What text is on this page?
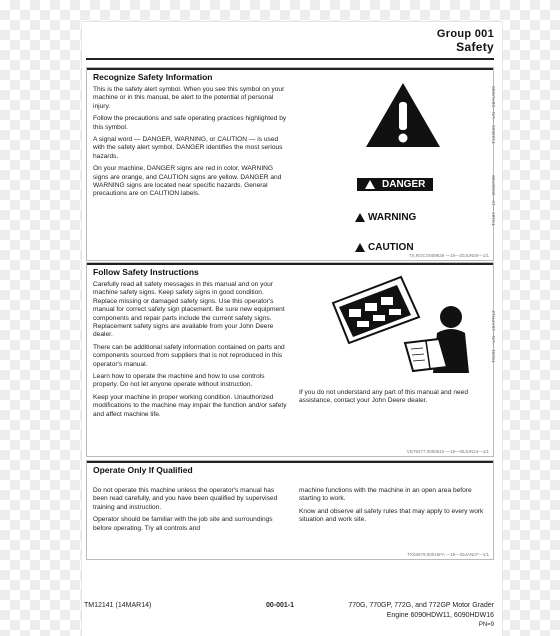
Group 001
Safety
Recognize Safety Information

This is the safety alert symbol. When you see this symbol on your machine or in this manual, be alert to the potential of personal injury.

Follow the precautions and safe operating practices highlighted by this symbol.

A signal word — DANGER, WARNING, or CAUTION — is used with the safety alert symbol. DANGER identifies the most serious hazards.

On your machine, DANGER signs are red in color, WARNING signs are orange, and CAUTION signs are yellow. DANGER and WARNING signs are located near specific hazards. General precautions are on CAUTION labels.

T133555 —UN—28AUG00
TS187 —19—30SEP88
DANGER
WARNING
CAUTION
TX,ROCO009826 —19—20JUN00—1/1
Follow Safety Instructions

Carefully read all safety messages in this manual and on your machine safety signs. Keep safety signs in good condition. Replace missing or damaged safety signs. Use this operator's manual for correct safety sign placement. Be sure new equipment components and repair parts include the current safety signs. Replacement safety signs are available from your John Deere dealer.

There can be additional safety information contained on parts and components sourced from suppliers that is not reproduced in this operator's manual.

Learn how to operate the machine and how to use controls properly. Do not let anyone operate without instruction.

Keep your machine in proper working condition. Unauthorized modifications to the machine may impair the function and/or safety and affect machine life.

TS201 —UN—15APR13
If you do not understand any part of this manual and need assistance, contact your John Deere dealer.
VD76477,0000510 —19—05JUN13—1/1
Operate Only If Qualified

Do not operate this machine unless the operator's manual has been read carefully, and you have been qualified by supervised training and instruction.

Operator should be familiar with the job site and surroundings before operating. Try all controls and

machine functions with the machine in an open area before starting to work.

Know and observe all safety rules that may apply to every work situation and work site.

TX03679,00016FA —19—25JAN07—1/1
TM12141 (14MAR14)	00-001-1	770G, 770GP, 772G, and 772GP Motor Grader
Engine 6090HDW11, 6090HDW16
PN=9
